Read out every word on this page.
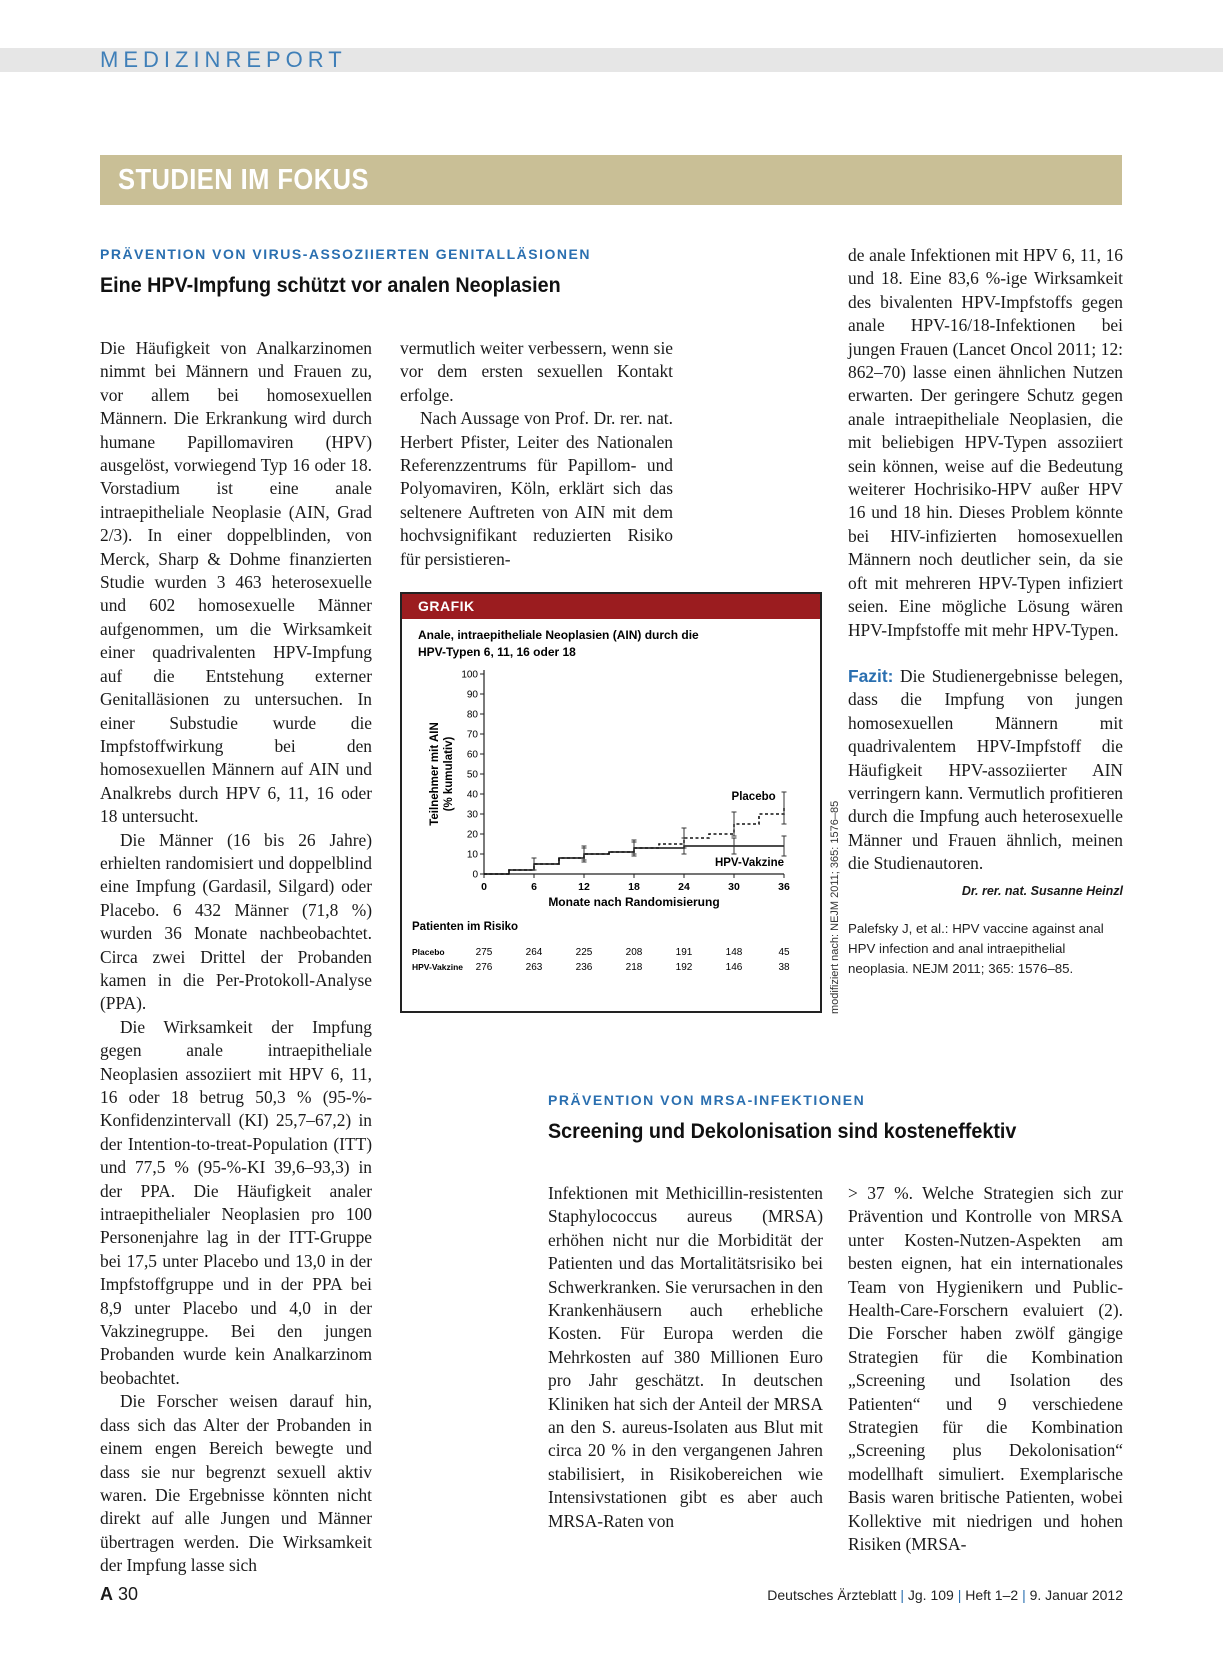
MEDIZINREPORT
STUDIEN IM FOKUS
PRÄVENTION VON VIRUS-ASSOZIIERTEN GENITALLÄSIONEN
Eine HPV-Impfung schützt vor analen Neoplasien

Die Häufigkeit von Analkarzinomen nimmt bei Männern und Frauen zu, vor allem bei homosexuellen Männern. Die Erkrankung wird durch humane Papillomaviren (HPV) ausgelöst, vorwiegend Typ 16 oder 18. Vorstadium ist eine anale intraepitheliale Neoplasie (AIN, Grad 2/3). In einer doppelblinden, von Merck, Sharp & Dohme finanzierten Studie wurden 3 463 heterosexuelle und 602 homosexuelle Männer aufgenommen, um die Wirksamkeit einer quadrivalenten HPV-Impfung auf die Entstehung externer Genitalläsionen zu untersuchen. In einer Substudie wurde die Impfstoffwirkung bei den homosexuellen Männern auf AIN und Analkrebs durch HPV 6, 11, 16 oder 18 untersucht.

Die Männer (16 bis 26 Jahre) erhielten randomisiert und doppelblind eine Impfung (Gardasil, Silgard) oder Placebo. 6 432 Männer (71,8 %) wurden 36 Monate nachbeobachtet. Circa zwei Drittel der Probanden kamen in die Per-Protokoll-Analyse (PPA).

Die Wirksamkeit der Impfung gegen anale intraepitheliale Neoplasien assoziiert mit HPV 6, 11, 16 oder 18 betrug 50,3 % (95-%-Konfidenzintervall (KI) 25,7–67,2) in der Intention-to-treat-Population (ITT) und 77,5 % (95-%-KI 39,6–93,3) in der PPA. Die Häufigkeit analer intraepithelialer Neoplasien pro 100 Personenjahre lag in der ITT-Gruppe bei 17,5 unter Placebo und 13,0 in der Impfstoffgruppe und in der PPA bei 8,9 unter Placebo und 4,0 in der Vakzinegruppe. Bei den jungen Probanden wurde kein Analkarzinom beobachtet.

Die Forscher weisen darauf hin, dass sich das Alter der Probanden in einem engen Bereich bewegte und dass sie nur begrenzt sexuell aktiv waren. Die Ergebnisse könnten nicht direkt auf alle Jungen und Männer übertragen werden. Die Wirksamkeit der Impfung lasse sich

vermutlich weiter verbessern, wenn sie vor dem ersten sexuellen Kontakt erfolge.

Nach Aussage von Prof. Dr. rer. nat. Herbert Pfister, Leiter des Nationalen Referenzzentrums für Papillom- und Polyomaviren, Köln, erklärt sich das seltenere Auftreten von AIN mit dem hochvsignifikant reduzierten Risiko für persistieren-

de anale Infektionen mit HPV 6, 11, 16 und 18. Eine 83,6 %-ige Wirksamkeit des bivalenten HPV-Impfstoffs gegen anale HPV-16/18-Infektionen bei jungen Frauen (Lancet Oncol 2011; 12: 862–70) lasse einen ähnlichen Nutzen erwarten. Der geringere Schutz gegen anale intraepitheliale Neoplasien, die mit beliebigen HPV-Typen assoziiert sein können, weise auf die Bedeutung weiterer Hochrisiko-HPV außer HPV 16 und 18 hin. Dieses Problem könnte bei HIV-infizierten homosexuellen Männern noch deutlicher sein, da sie oft mit mehreren HPV-Typen infiziert seien. Eine mögliche Lösung wären HPV-Impfstoffe mit mehr HPV-Typen.

Fazit: Die Studienergebnisse belegen, dass die Impfung von jungen homosexuellen Männern mit quadrivalentem HPV-Impfstoff die Häufigkeit HPV-assoziierter AIN verringern kann. Vermutlich profitieren durch die Impfung auch heterosexuelle Männer und Frauen ähnlich, meinen die Studienautoren.

Dr. rer. nat. Susanne Heinzl
Palefsky J, et al.: HPV vaccine against anal HPV infection and anal intraepithelial neoplasia. NEJM 2011; 365: 1576–85.
GRAFIK
Anale, intraepitheliale Neoplasien (AIN) durch die
HPV-Typen 6, 11, 16 oder 18
0
10
20
30
40
50
60
70
80
90
100
0	6	12	18	24	30	36
Monate nach Randomisierung
Teilnehmer mit AIN (% kumulativ)	Placebo
HPV-Vakzine
Patienten im Risiko
Placebo	275	264	225	208	191	148	45
HPV-Vakzine 276	263	236	218	192	146	38	modifiziert nach: NEJM 2011; 365: 1576–85
PRÄVENTION VON MRSA-INFEKTIONEN
Screening und Dekolonisation sind kosteneffektiv

Infektionen mit Methicillin-resistenten Staphylococcus aureus (MRSA) erhöhen nicht nur die Morbidität der Patienten und das Mortalitätsrisiko bei Schwerkranken. Sie verursachen in den Krankenhäusern auch erhebliche Kosten. Für Europa werden die Mehrkosten auf 380 Millionen Euro pro Jahr geschätzt. In deutschen Kliniken hat sich der Anteil der MRSA an den S. aureus-Isolaten aus Blut mit circa 20 % in den vergangenen Jahren stabilisiert, in Risikobereichen wie Intensivstationen gibt es aber auch MRSA-Raten von

> 37 %. Welche Strategien sich zur Prävention und Kontrolle von MRSA unter Kosten-Nutzen-Aspekten am besten eignen, hat ein internationales Team von Hygienikern und Public-Health-Care-Forschern evaluiert (2). Die Forscher haben zwölf gängige Strategien für die Kombination „Screening und Isolation des Patienten“ und 9 verschiedene Strategien für die Kombination „Screening plus Dekolonisation“ modellhaft simuliert. Exemplarische Basis waren britische Patienten, wobei Kollektive mit niedrigen und hohen Risiken (MRSA-

A 30	Deutsches Ärzteblatt | Jg. 109 | Heft 1–2 | 9. Januar 2012
